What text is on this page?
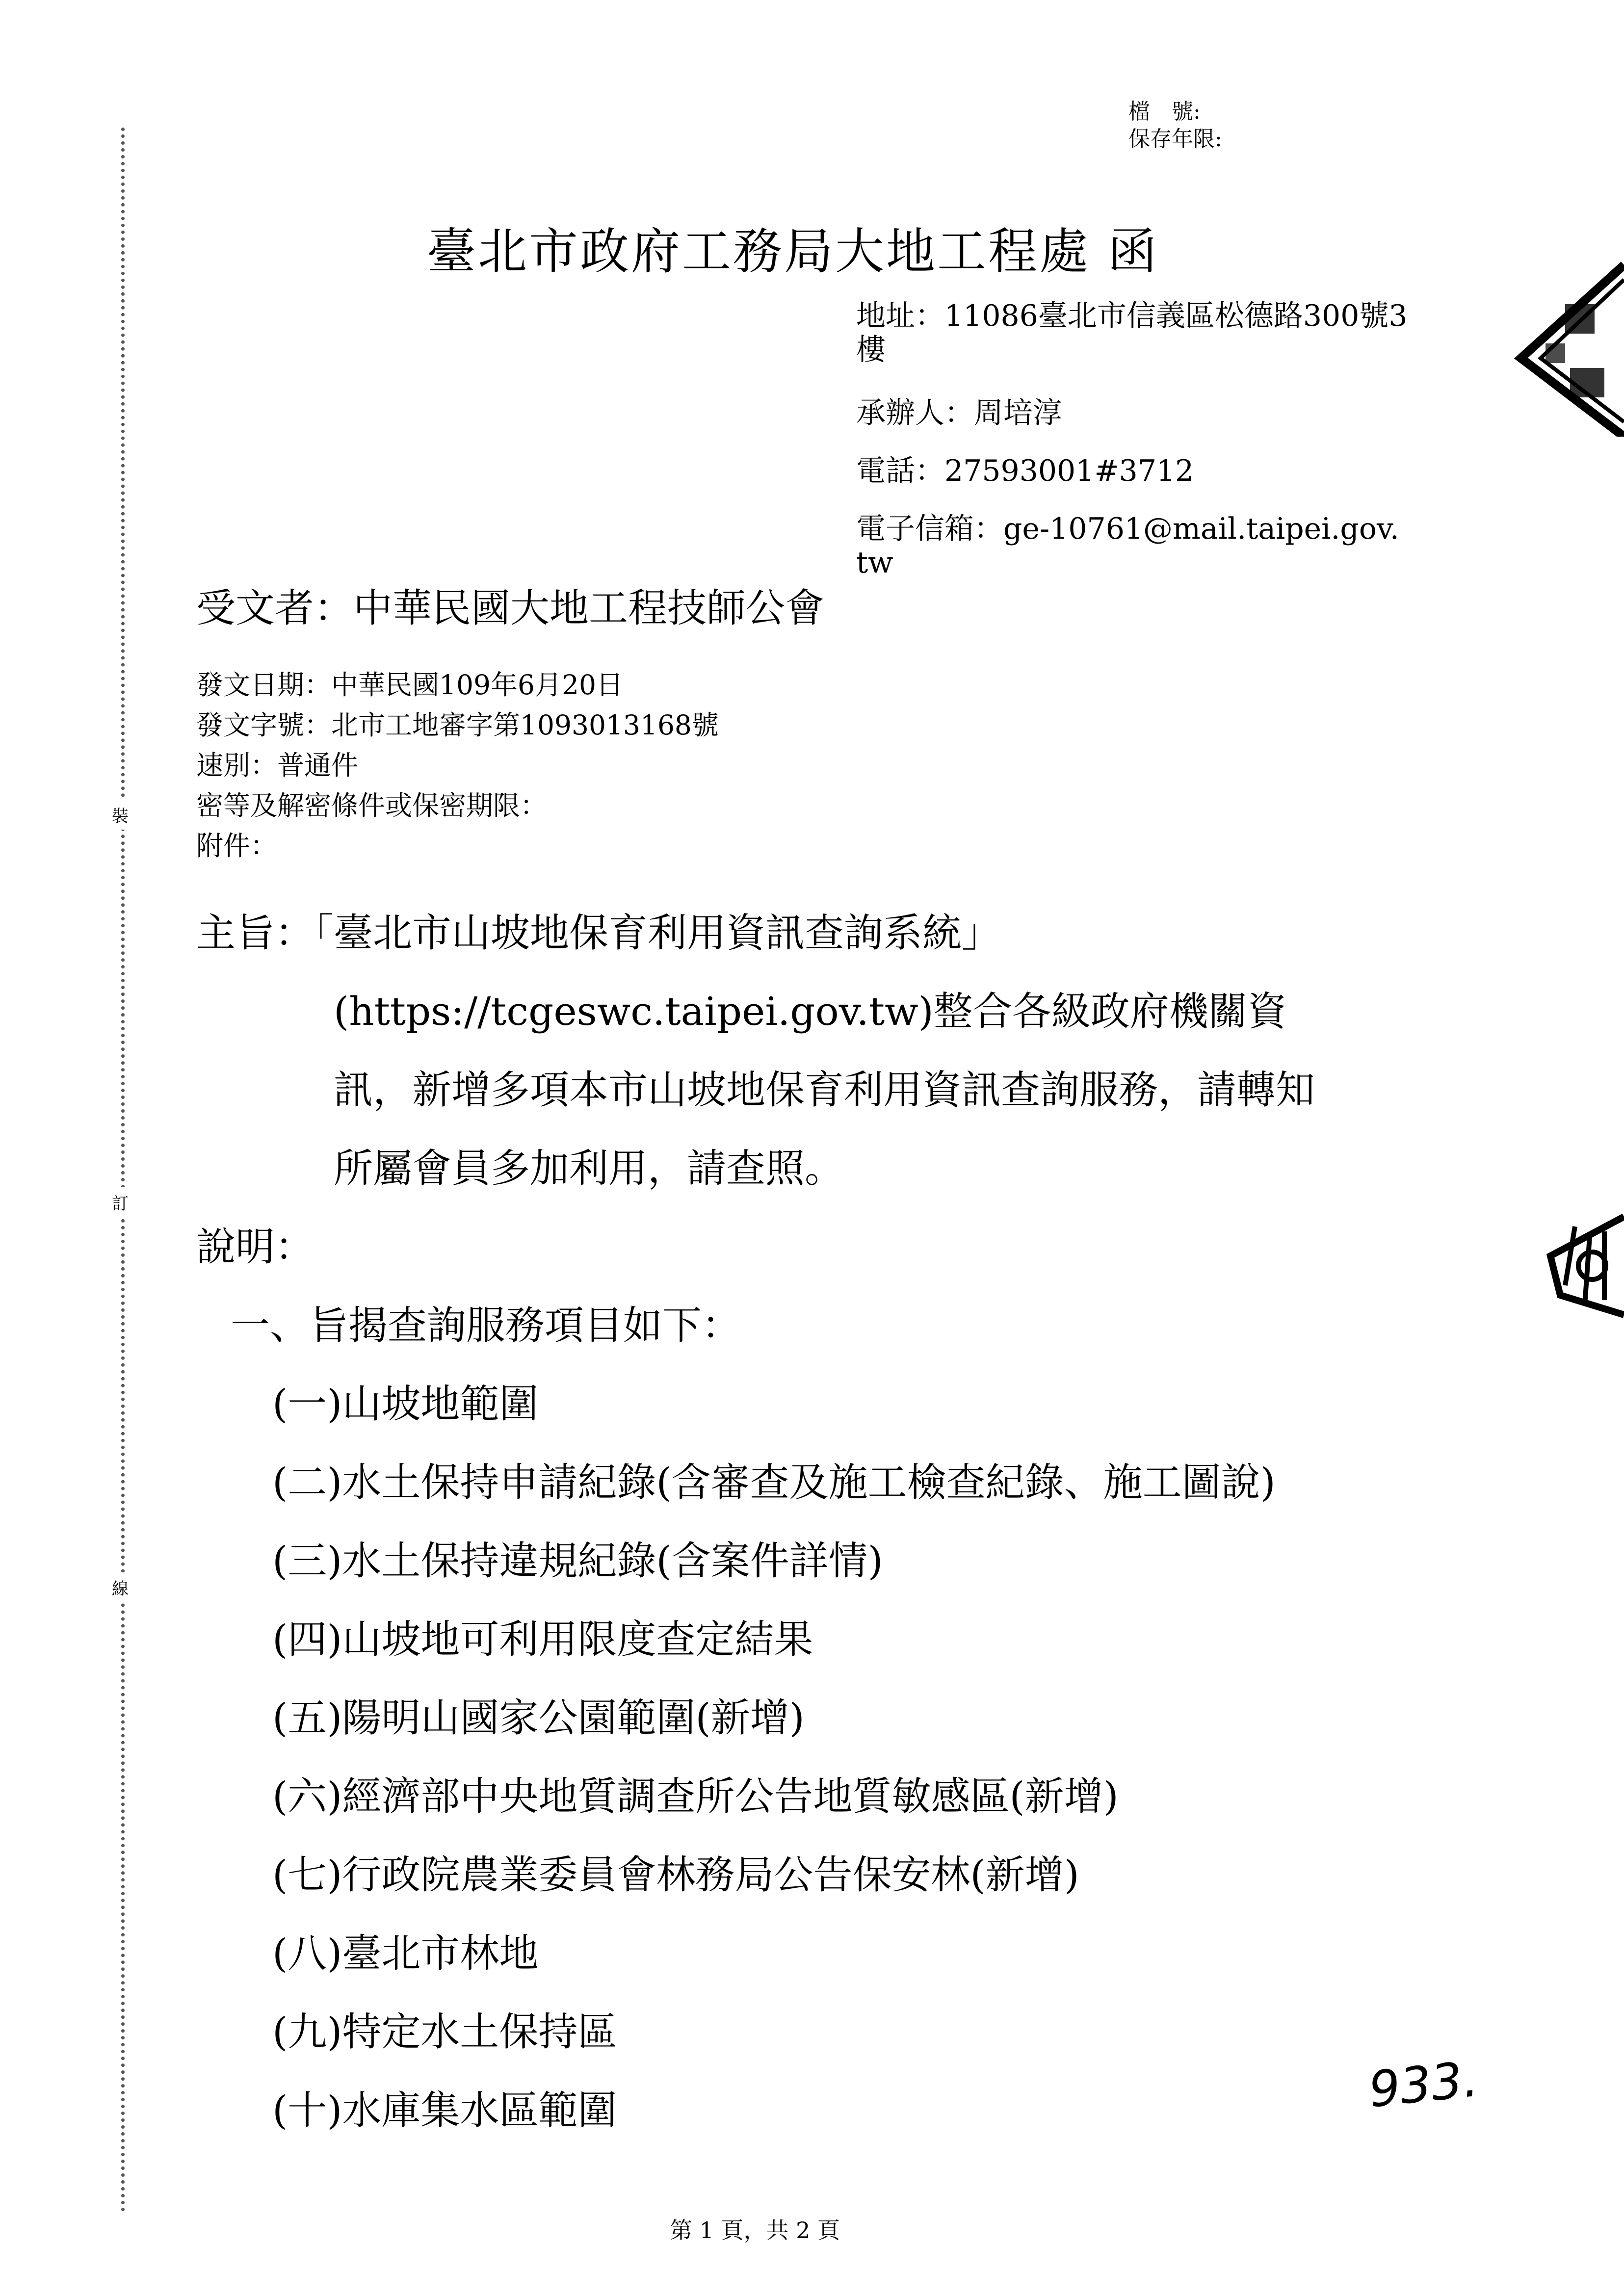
裝
訂
線
檔　號:
保存年限:
臺北市政府工務局大地工程處 函
地址：11086臺北市信義區松德路300號3
樓
承辦人：周培淳
電話：27593001#3712
電子信箱：ge-10761@mail.taipei.gov.
tw
受文者：中華民國大地工程技師公會
發文日期：中華民國109年6月20日
發文字號：北市工地審字第1093013168號
速別：普通件
密等及解密條件或保密期限：
附件：
主旨：「臺北市山坡地保育利用資訊查詢系統」
(https://tcgeswc.taipei.gov.tw)整合各級政府機關資
訊，新增多項本市山坡地保育利用資訊查詢服務，請轉知
所屬會員多加利用，請查照。
說明：
一、旨揭查詢服務項目如下：
(一)山坡地範圍
(二)水土保持申請紀錄(含審查及施工檢查紀錄、施工圖說)
(三)水土保持違規紀錄(含案件詳情)
(四)山坡地可利用限度查定結果
(五)陽明山國家公園範圍(新增)
(六)經濟部中央地質調查所公告地質敏感區(新增)
(七)行政院農業委員會林務局公告保安林(新增)
(八)臺北市林地
(九)特定水土保持區
(十)水庫集水區範圍	933.
第 1 頁，共 2 頁
